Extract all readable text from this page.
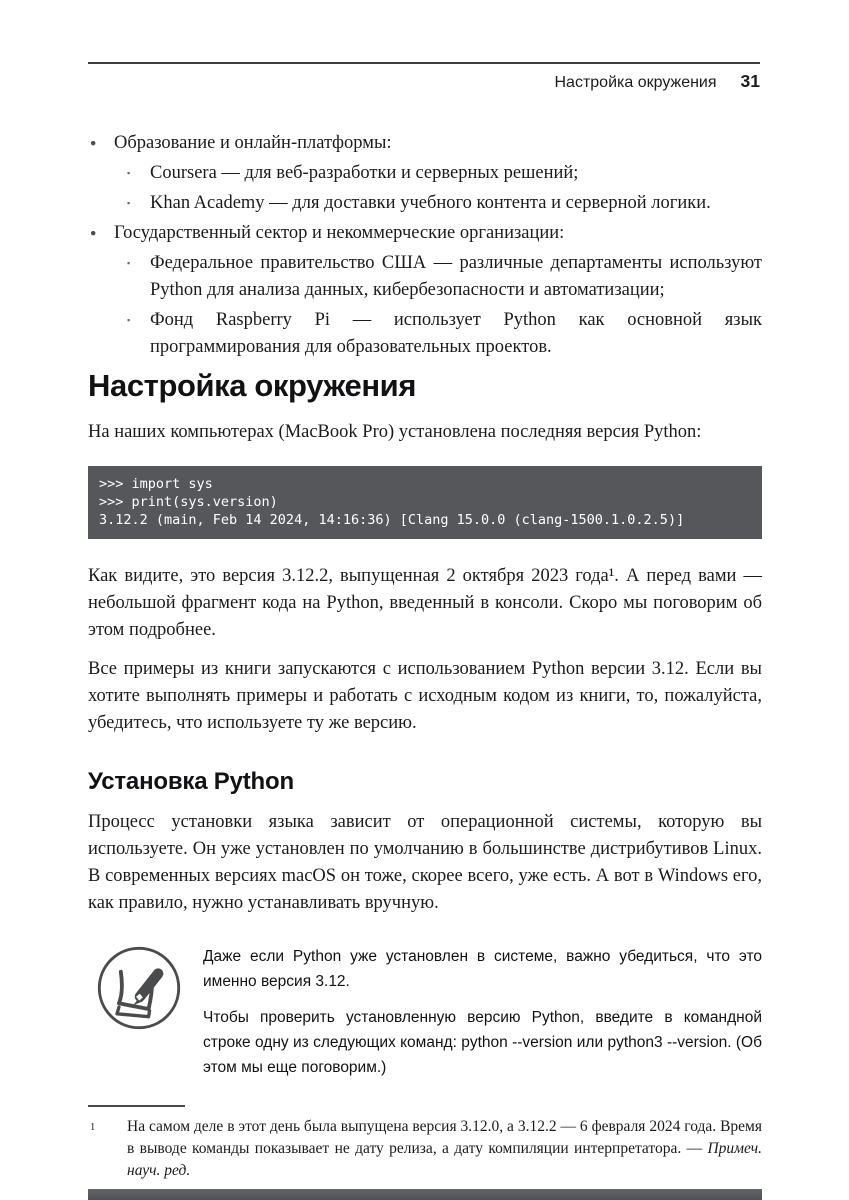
Настройка окружения 31
● Образование и онлайн-платформы:
▪	Coursera — для веб-разработки и серверных решений;
▪	Khan Academy — для доставки учебного контента и серверной логики.
● Государственный сектор и некоммерческие организации:
▪	Федеральное правительство США — различные департаменты используют Python для анализа данных, кибербезопасности и автоматизации;
▪	Фонд Raspberry Pi — использует Python как основной язык программирования для образовательных проектов.
Настройка окружения

На наших компьютерах (MacBook Pro) установлена последняя версия Python:

>>> import sys
>>> print(sys.version)
3.12.2 (main, Feb 14 2024, 14:16:36) [Clang 15.0.0 (clang-1500.1.0.2.5)]

Как видите, это версия 3.12.2, выпущенная 2 октября 2023 года¹. А перед вами — небольшой фрагмент кода на Python, введенный в консоли. Скоро мы поговорим об этом подробнее.

Все примеры из книги запускаются с использованием Python версии 3.12. Если вы хотите выполнять примеры и работать с исходным кодом из книги, то, пожалуйста, убедитесь, что используете ту же версию.

Установка Python

Процесс установки языка зависит от операционной системы, которую вы используете. Он уже установлен по умолчанию в большинстве дистрибутивов Linux. В современных версиях macOS он тоже, скорее всего, уже есть. А вот в Windows его, как правило, нужно устанавливать вручную.

Даже если Python уже установлен в системе, важно убедиться, что это именно версия 3.12.

Чтобы проверить установленную версию Python, введите в командной строке одну из следующих команд: python --version или python3 --version. (Об этом мы еще поговорим.)

1	На самом деле в этот день была выпущена версия 3.12.0, а 3.12.2 — 6 февраля 2024 года. Время в выводе команды показывает не дату релиза, а дату компиляции интерпретатора. — Примеч. науч. ред.
